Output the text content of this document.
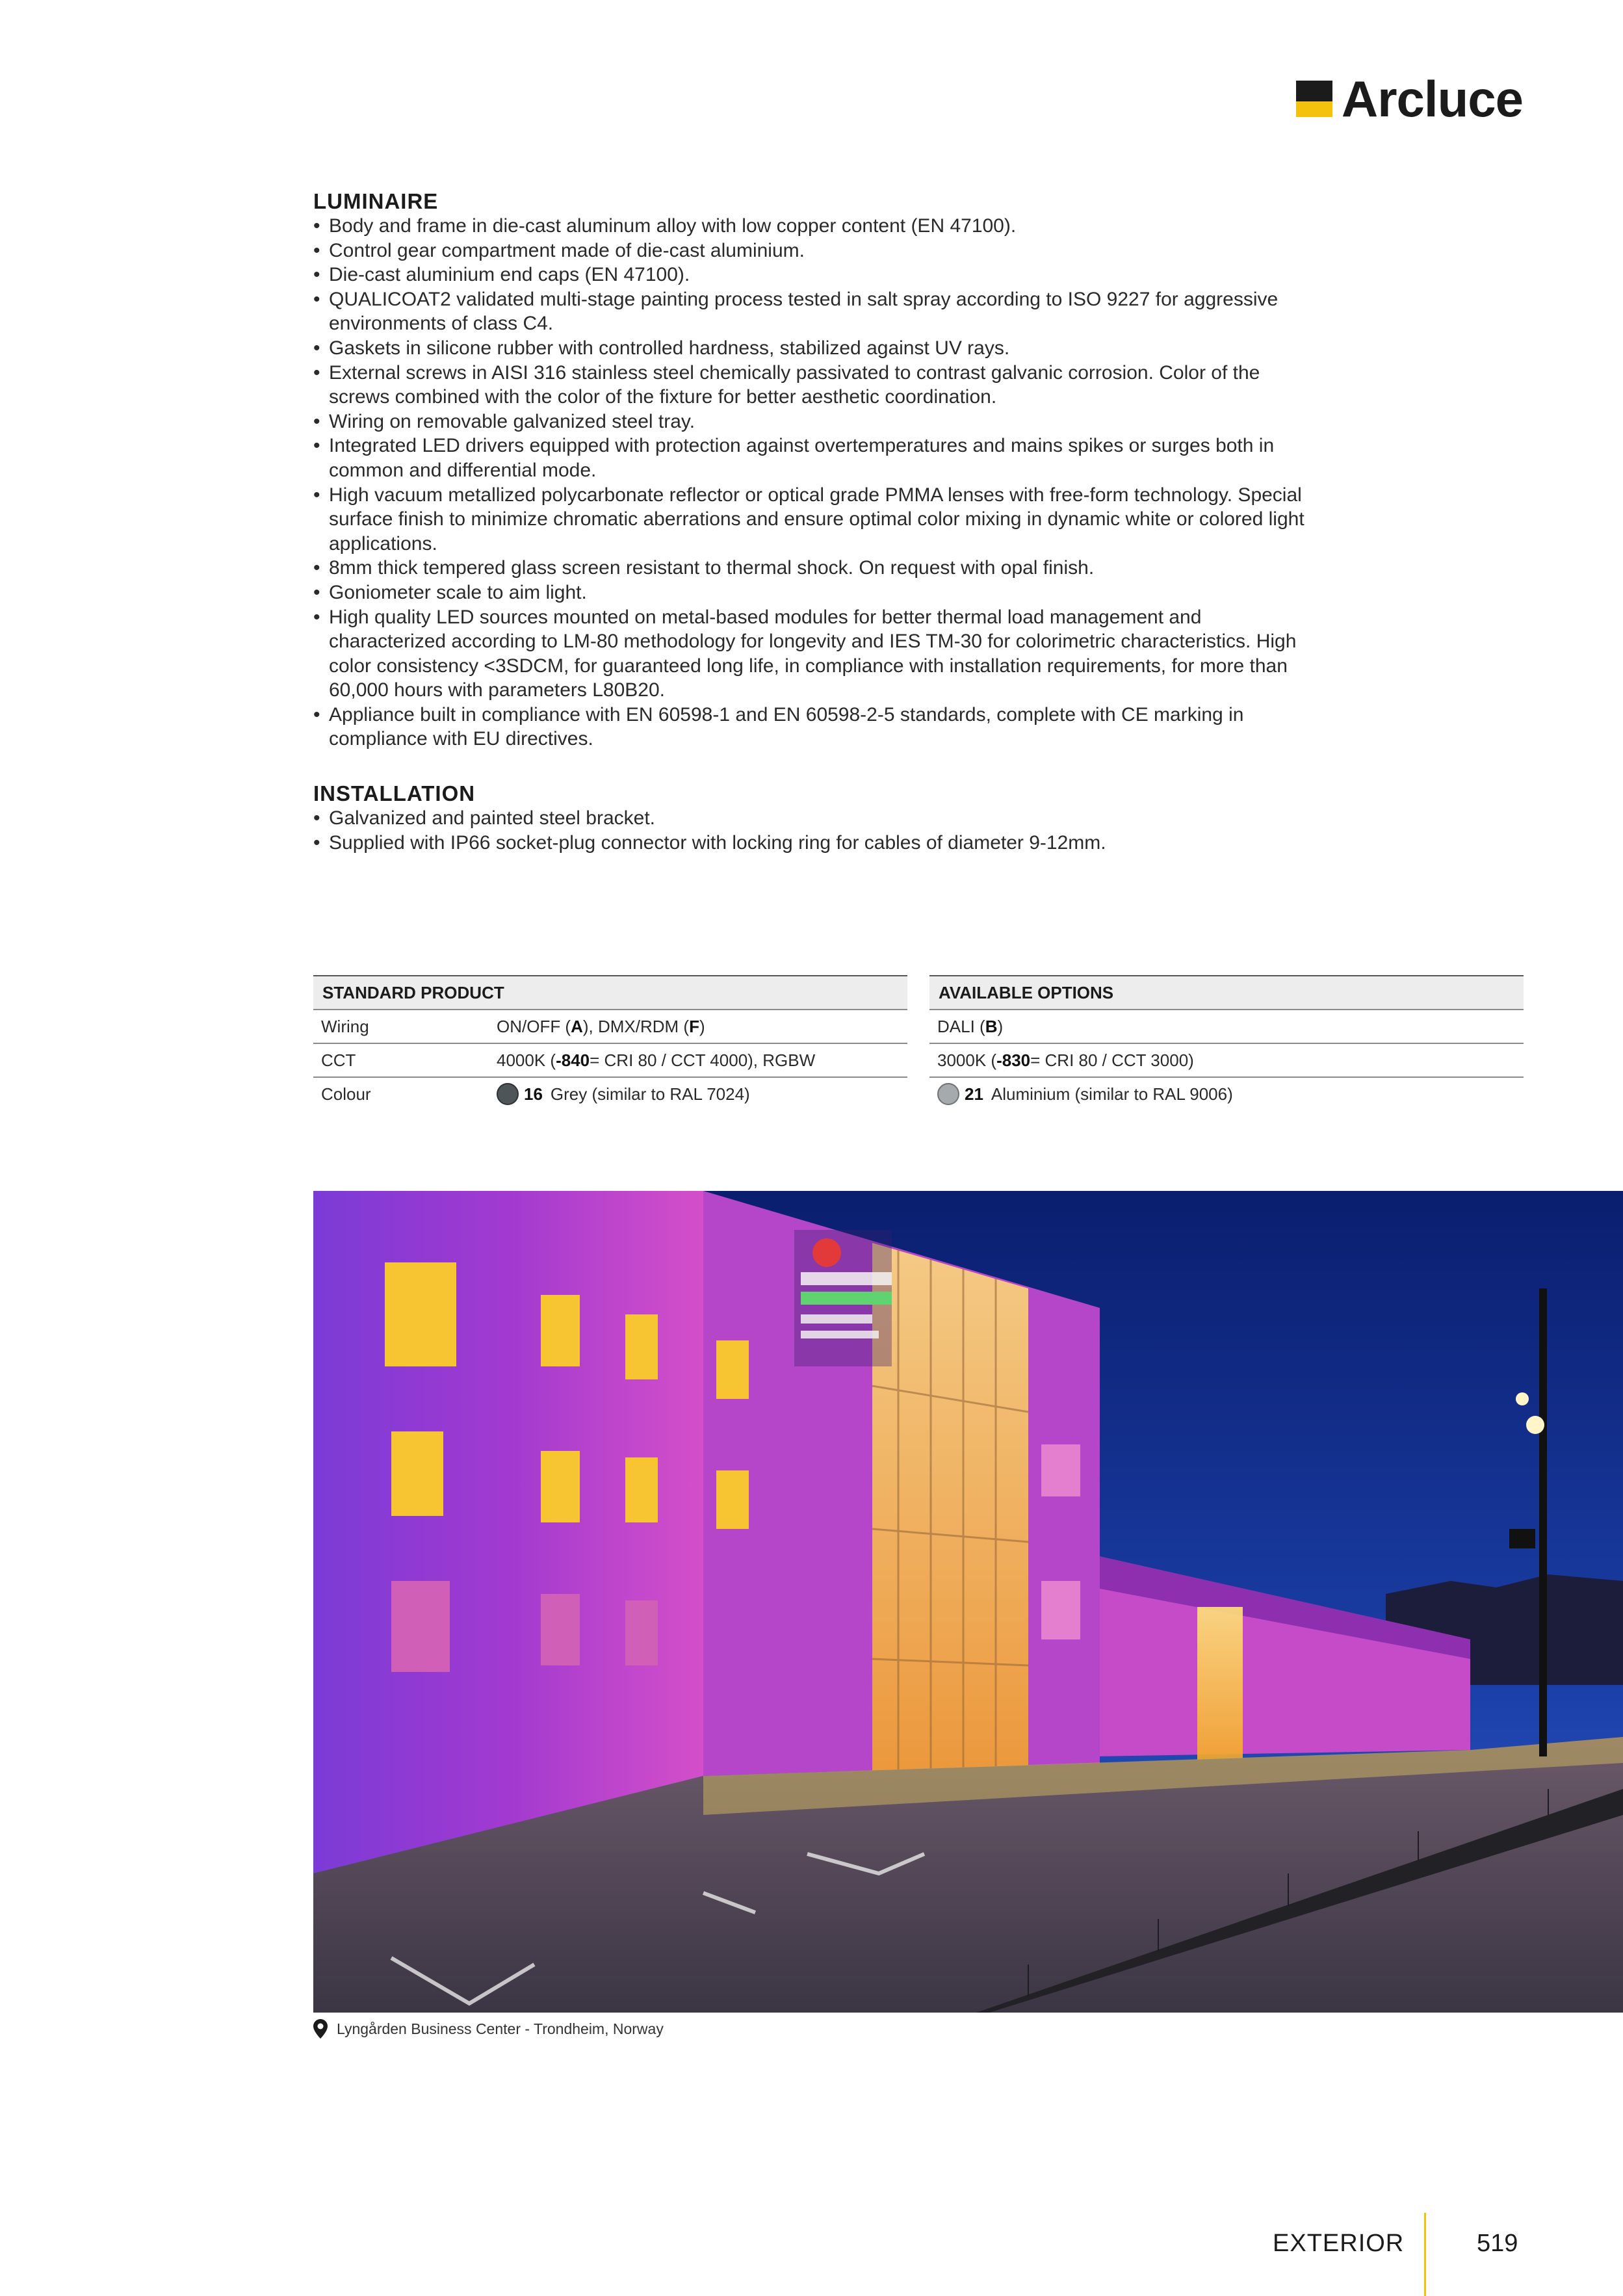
Arcluce
LUMINAIRE
• Body and frame in die-cast aluminum alloy with low copper content (EN 47100).
• Control gear compartment made of die-cast aluminium.
• Die-cast aluminium end caps (EN 47100).
• QUALICOAT2 validated multi-stage painting process tested in salt spray according to ISO 9227 for aggressive environments of class C4.
• Gaskets in silicone rubber with controlled hardness, stabilized against UV rays.
• External screws in AISI 316 stainless steel chemically passivated to contrast galvanic corrosion. Color of the screws combined with the color of the fixture for better aesthetic coordination.
• Wiring on removable galvanized steel tray.
• Integrated LED drivers equipped with protection against overtemperatures and mains spikes or surges both in common and differential mode.
• High vacuum metallized polycarbonate reflector or optical grade PMMA lenses with free-form technology. Special surface finish to minimize chromatic aberrations and ensure optimal color mixing in dynamic white or colored light applications.
• 8mm thick tempered glass screen resistant to thermal shock. On request with opal finish.
• Goniometer scale to aim light.
• High quality LED sources mounted on metal-based modules for better thermal load management and characterized according to LM-80 methodology for longevity and IES TM-30 for colorimetric characteristics. High color consistency <3SDCM, for guaranteed long life, in compliance with installation requirements, for more than 60,000 hours with parameters L80B20.
• Appliance built in compliance with EN 60598-1 and EN 60598-2-5 standards, complete with CE marking in compliance with EU directives.
INSTALLATION
• Galvanized and painted steel bracket.
• Supplied with IP66 socket-plug connector with locking ring for cables of diameter 9-12mm.
STANDARD PRODUCT
Wiring	ON/OFF ( A ), DMX/RDM ( F )
CCT	4000K ( -840 = CRI 80 / CCT 4000), RGBW
Colour	16 Grey (similar to RAL 7024)
AVAILABLE OPTIONS
DALI ( B )
3000K ( -830 = CRI 80 / CCT 3000)
21 Aluminium (similar to RAL 9006)
Lyngården Business Center - Trondheim, Norway
EXTERIOR	519
